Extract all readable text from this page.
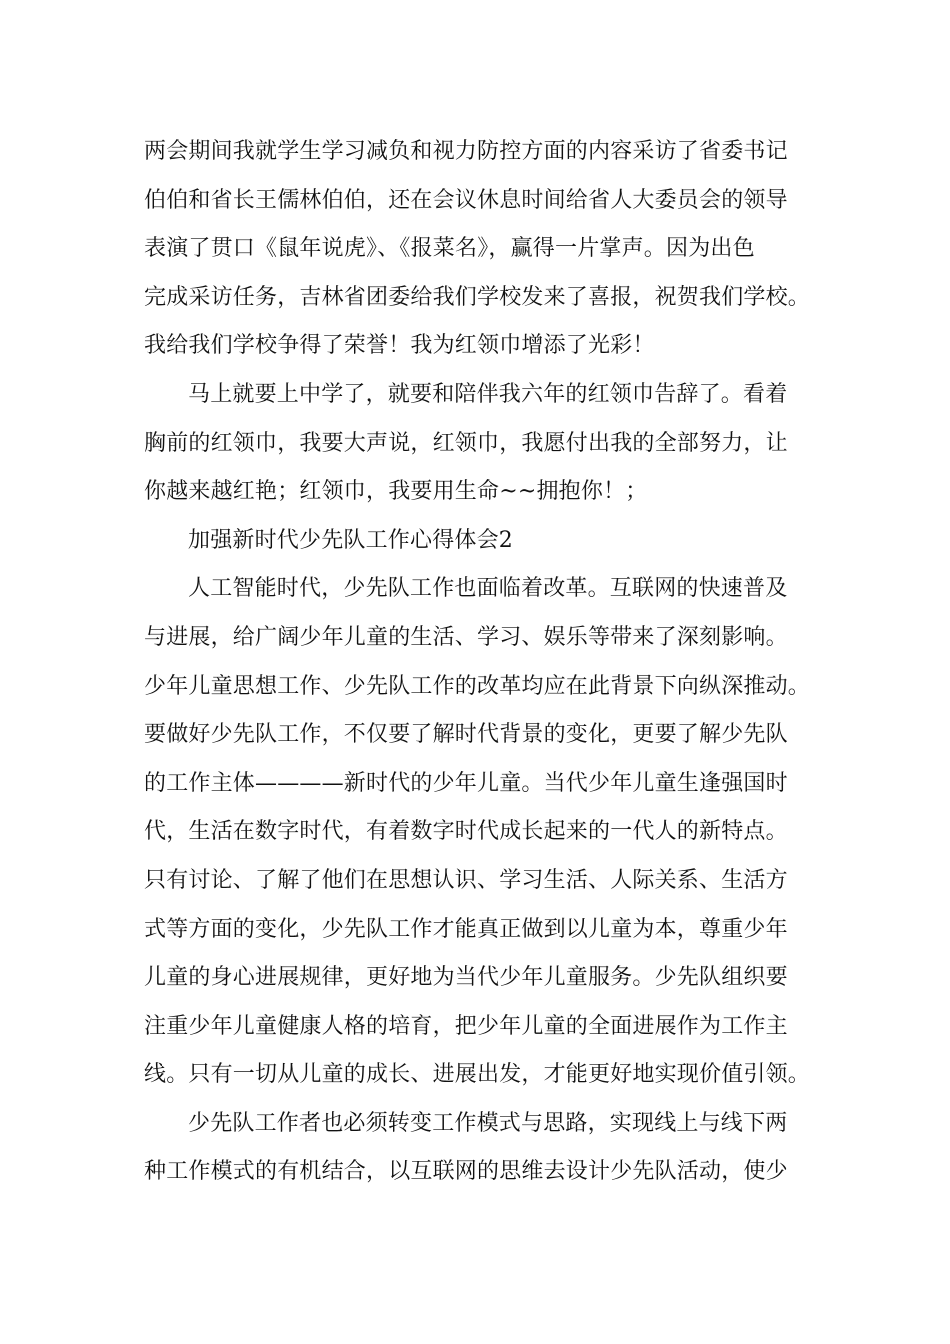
两会期间我就学生学习减负和视力防控方面的内容采访了省委书记
伯伯和省长王儒林伯伯，还在会议休息时间给省人大委员会的领导
表演了贯口《鼠年说虎》、《报菜名》，赢得一片掌声。因为出色
完成采访任务，吉林省团委给我们学校发来了喜报，祝贺我们学校。
我给我们学校争得了荣誉！我为红领巾增添了光彩！
马上就要上中学了，就要和陪伴我六年的红领巾告辞了。看着
胸前的红领巾，我要大声说，红领巾，我愿付出我的全部努力，让
你越来越红艳；红领巾，我要用生命~~拥抱你！；
加强新时代少先队工作心得体会2
人工智能时代，少先队工作也面临着改革。互联网的快速普及
与进展，给广阔少年儿童的生活、学习、娱乐等带来了深刻影响。
少年儿童思想工作、少先队工作的改革均应在此背景下向纵深推动。
要做好少先队工作，不仅要了解时代背景的变化，更要了解少先队
的工作主体————新时代的少年儿童。当代少年儿童生逢强国时
代，生活在数字时代，有着数字时代成长起来的一代人的新特点。
只有讨论、了解了他们在思想认识、学习生活、人际关系、生活方
式等方面的变化，少先队工作才能真正做到以儿童为本，尊重少年
儿童的身心进展规律，更好地为当代少年儿童服务。少先队组织要
注重少年儿童健康人格的培育，把少年儿童的全面进展作为工作主
线。只有一切从儿童的成长、进展出发，才能更好地实现价值引领。
少先队工作者也必须转变工作模式与思路，实现线上与线下两
种工作模式的有机结合，以互联网的思维去设计少先队活动，使少
